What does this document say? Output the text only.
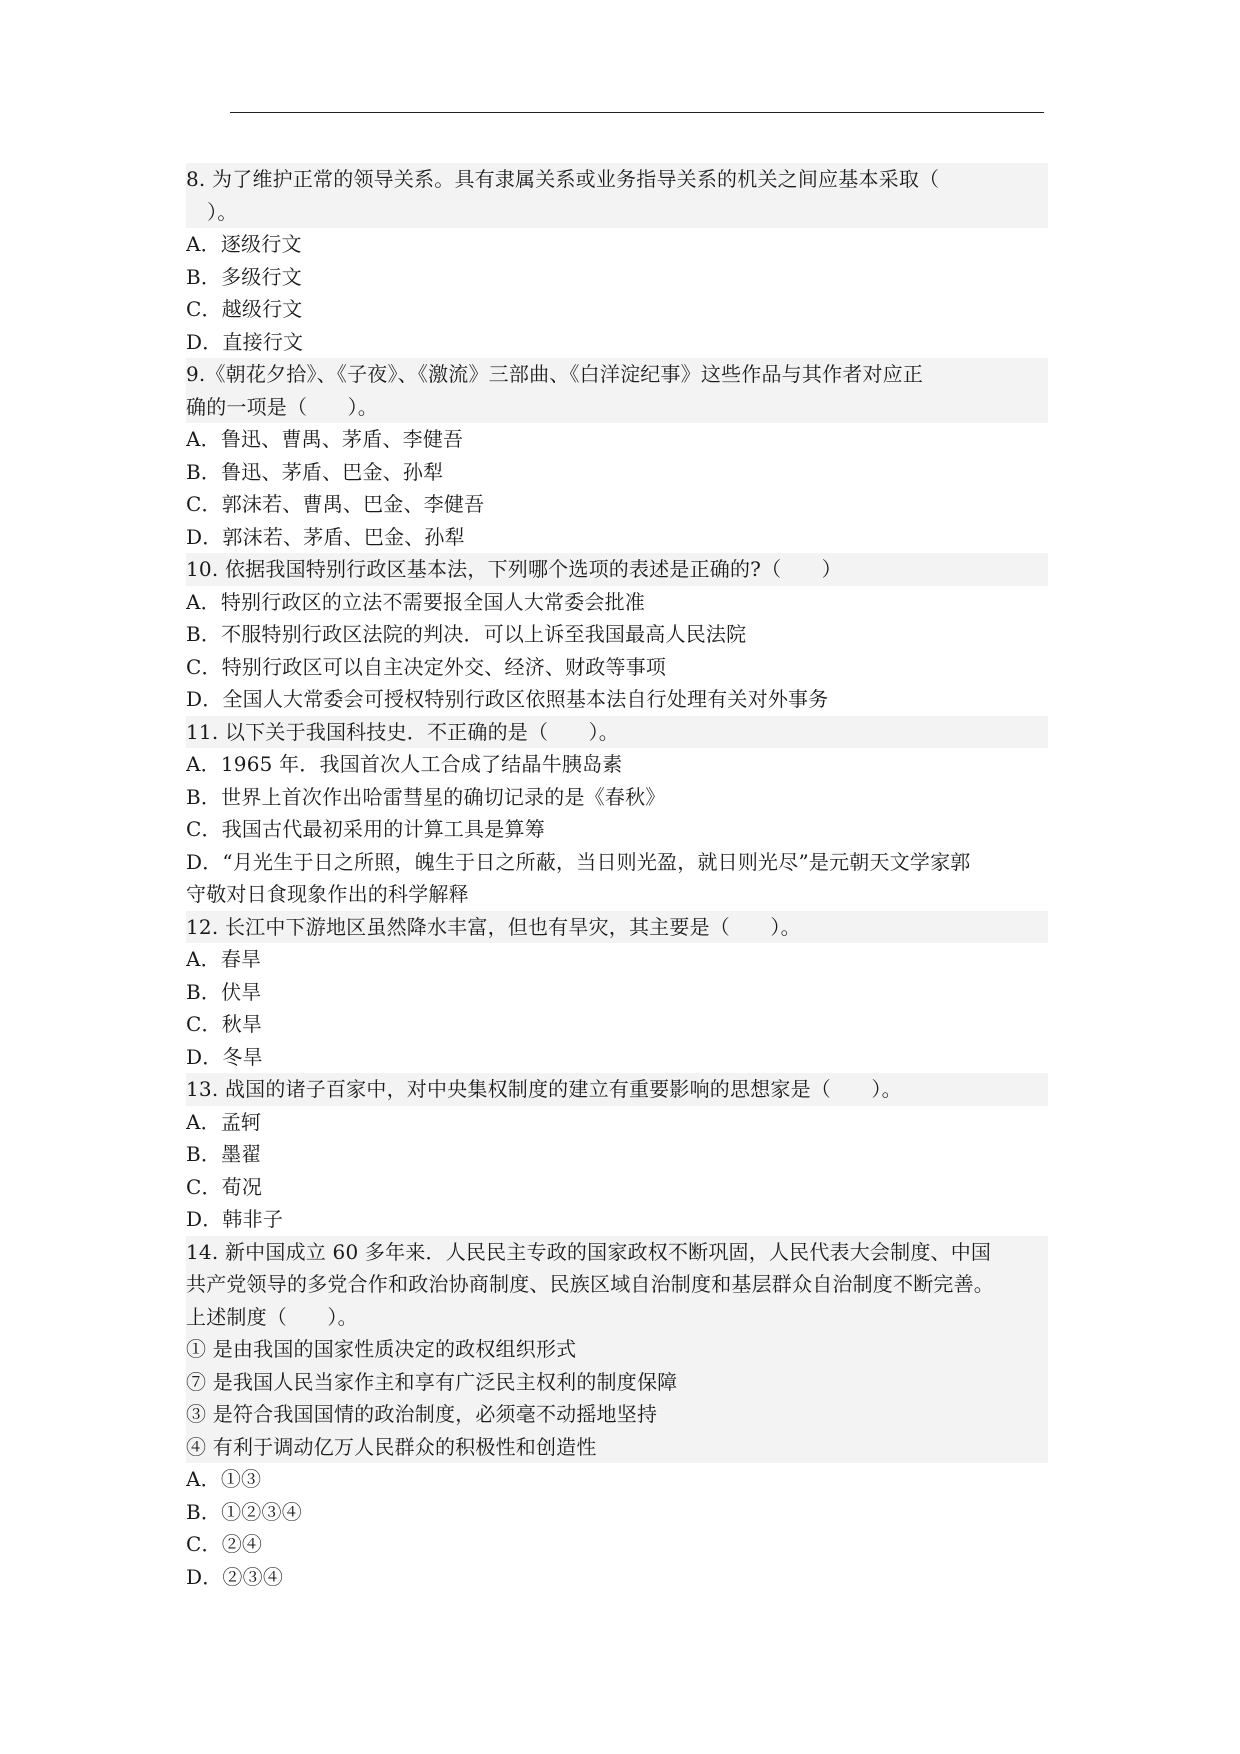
8. 为了维护正常的领导关系。具有隶属关系或业务指导关系的机关之间应基本采取（
）。
A．逐级行文
B．多级行文
C．越级行文
D．直接行文
9.《朝花夕拾》、《子夜》、《激流》三部曲、《白洋淀纪事》这些作品与其作者对应正
确的一项是（　　）。
A．鲁迅、曹禺、茅盾、李健吾
B．鲁迅、茅盾、巴金、孙犁
C．郭沫若、曹禺、巴金、李健吾
D．郭沫若、茅盾、巴金、孙犁
10. 依据我国特别行政区基本法，下列哪个选项的表述是正确的?（　　）
A．特别行政区的立法不需要报全国人大常委会批准
B．不服特别行政区法院的判决．可以上诉至我国最高人民法院
C．特别行政区可以自主决定外交、经济、财政等事项
D．全国人大常委会可授权特别行政区依照基本法自行处理有关对外事务
11. 以下关于我国科技史．不正确的是（　　）。
A．1965 年．我国首次人工合成了结晶牛胰岛素
B．世界上首次作出哈雷彗星的确切记录的是《春秋》
C．我国古代最初采用的计算工具是算筹
D．“月光生于日之所照，魄生于日之所蔽，当日则光盈，就日则光尽”是元朝天文学家郭
守敬对日食现象作出的科学解释
12. 长江中下游地区虽然降水丰富，但也有旱灾，其主要是（　　）。
A．春旱
B．伏旱
C．秋旱
D．冬旱
13. 战国的诸子百家中，对中央集权制度的建立有重要影响的思想家是（　　）。
A．孟轲
B．墨翟
C．荀况
D．韩非子
14. 新中国成立 60 多年来．人民民主专政的国家政权不断巩固，人民代表大会制度、中国
共产党领导的多党合作和政治协商制度、民族区域自治制度和基层群众自治制度不断完善。
上述制度（　　）。
① 是由我国的国家性质决定的政权组织形式
⑦ 是我国人民当家作主和享有广泛民主权利的制度保障
③ 是符合我国国情的政治制度，必须毫不动摇地坚持
④ 有利于调动亿万人民群众的积极性和创造性
A．①③
B．①②③④
C．②④
D．②③④
